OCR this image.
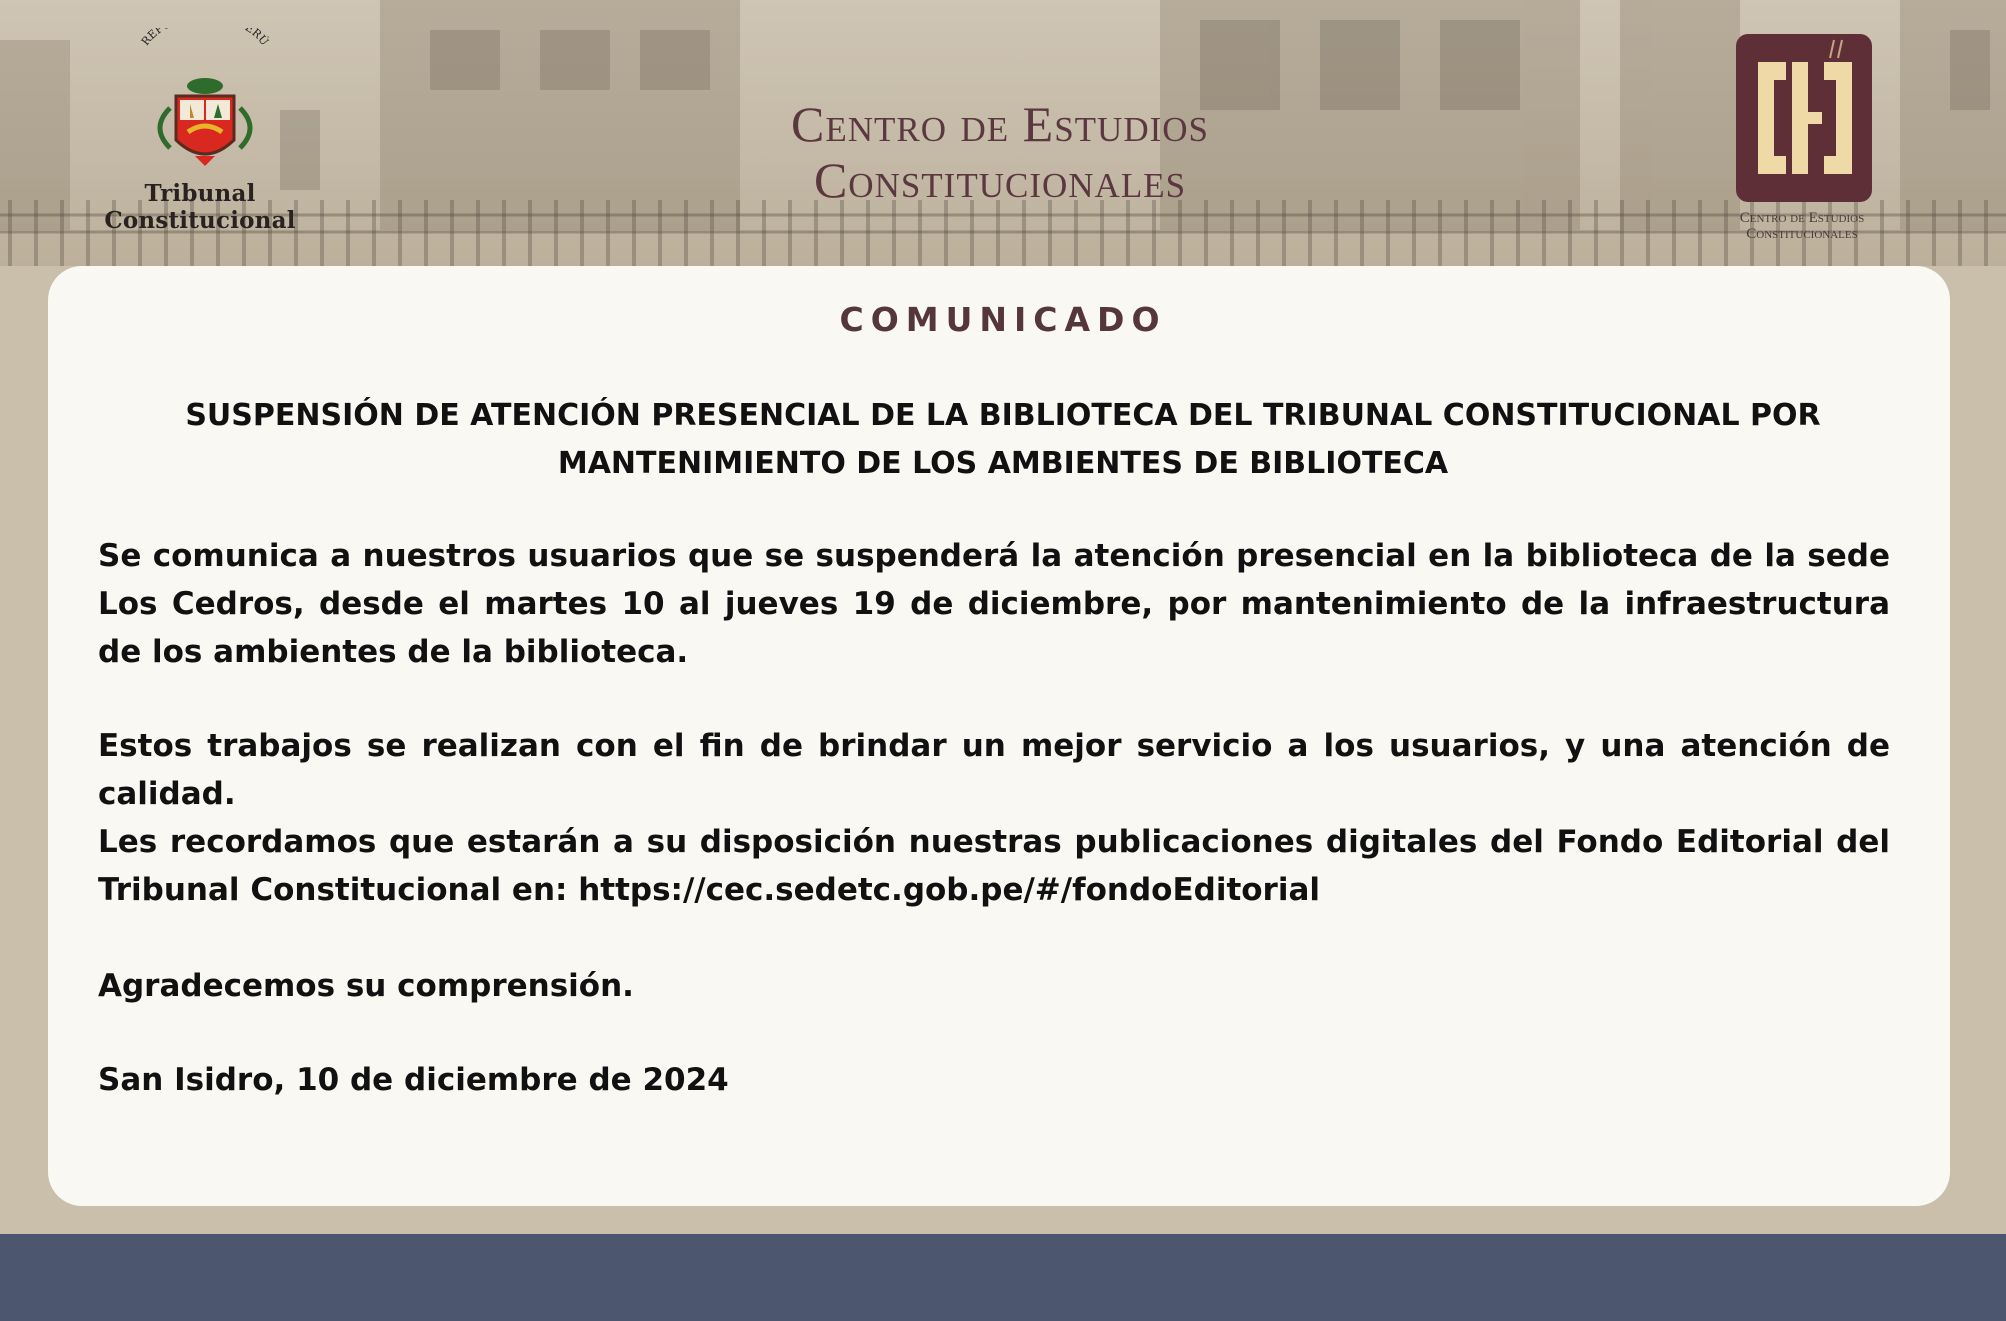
REP ERÚ
Tribunal Constitucional
Centro de Estudios
Constitucionales
Centro de Estudios
Constitucionales
COMUNICADO
SUSPENSIÓN DE ATENCIÓN PRESENCIAL DE LA BIBLIOTECA DEL TRIBUNAL CONSTITUCIONAL POR MANTENIMIENTO DE LOS AMBIENTES DE BIBLIOTECA

Se comunica a nuestros usuarios que se suspenderá la atención presencial en la biblioteca de la sede Los Cedros, desde el martes 10 al jueves 19 de diciembre, por mantenimiento de la infraestructura de los ambientes de la biblioteca.

Estos trabajos se realizan con el fin de brindar un mejor servicio a los usuarios, y una atención de calidad.

Les recordamos que estarán a su disposición nuestras publicaciones digitales del Fondo Editorial del Tribunal Constitucional en: https://cec.sedetc.gob.pe/#/fondoEditorial

Agradecemos su comprensión.

San Isidro, 10 de diciembre de 2024
